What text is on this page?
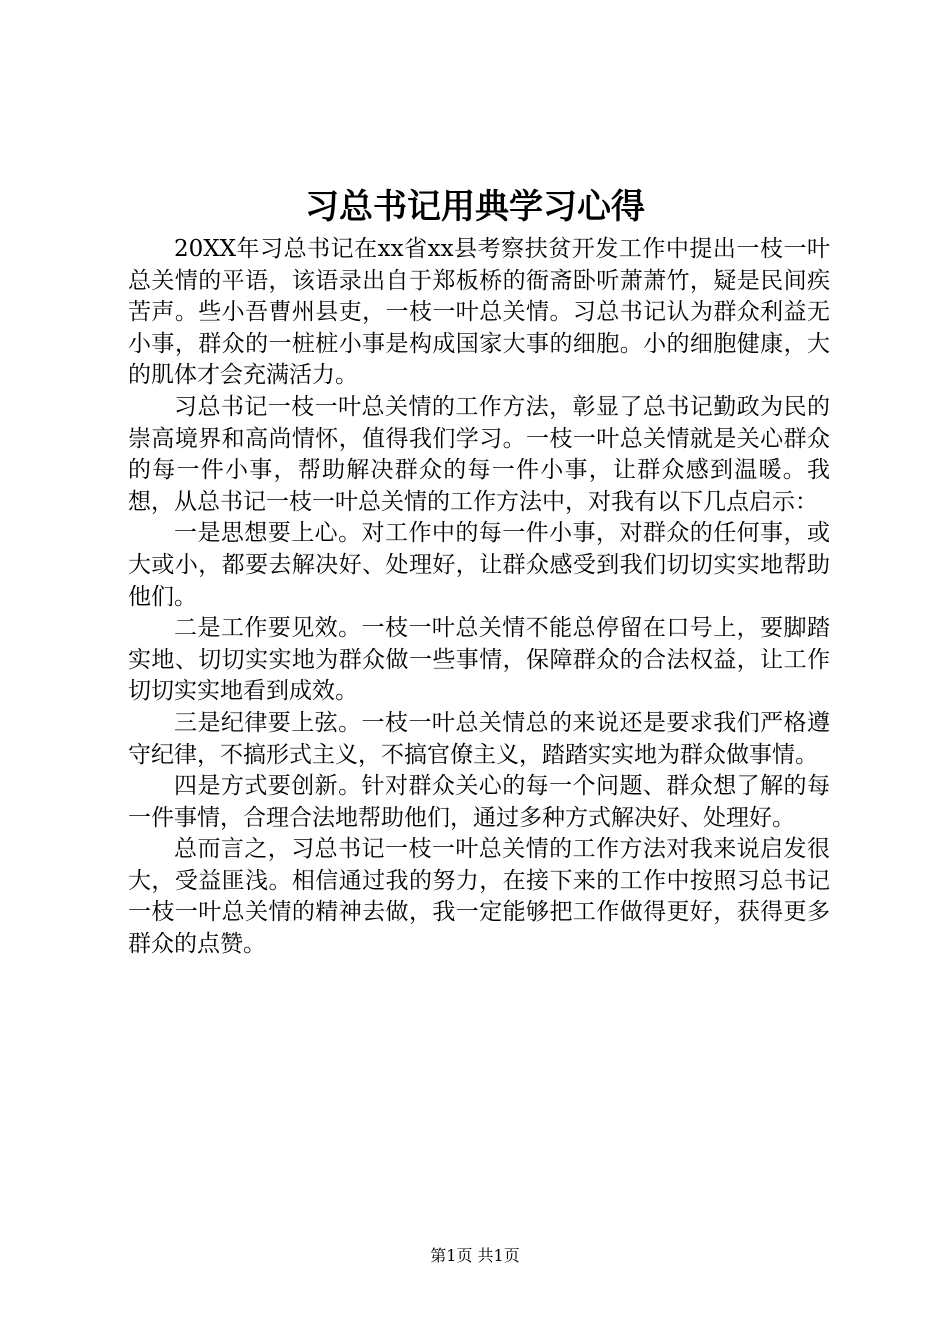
习总书记用典学习心得

20XX年习总书记在xx省xx县考察扶贫开发工作中提出一枝一叶总关情的平语，该语录出自于郑板桥的衙斋卧听萧萧竹，疑是民间疾苦声。些小吾曹州县吏，一枝一叶总关情。习总书记认为群众利益无小事，群众的一桩桩小事是构成国家大事的细胞。小的细胞健康，大的肌体才会充满活力。

习总书记一枝一叶总关情的工作方法，彰显了总书记勤政为民的崇高境界和高尚情怀，值得我们学习。一枝一叶总关情就是关心群众的每一件小事，帮助解决群众的每一件小事，让群众感到温暖。我想，从总书记一枝一叶总关情的工作方法中，对我有以下几点启示：

一是思想要上心。对工作中的每一件小事，对群众的任何事，或大或小，都要去解决好、处理好，让群众感受到我们切切实实地帮助他们。

二是工作要见效。一枝一叶总关情不能总停留在口号上，要脚踏实地、切切实实地为群众做一些事情，保障群众的合法权益，让工作切切实实地看到成效。

三是纪律要上弦。一枝一叶总关情总的来说还是要求我们严格遵守纪律，不搞形式主义，不搞官僚主义，踏踏实实地为群众做事情。

四是方式要创新。针对群众关心的每一个问题、群众想了解的每一件事情，合理合法地帮助他们，通过多种方式解决好、处理好。

总而言之，习总书记一枝一叶总关情的工作方法对我来说启发很大，受益匪浅。相信通过我的努力，在接下来的工作中按照习总书记一枝一叶总关情的精神去做，我一定能够把工作做得更好，获得更多群众的点赞。

第1页 共1页
